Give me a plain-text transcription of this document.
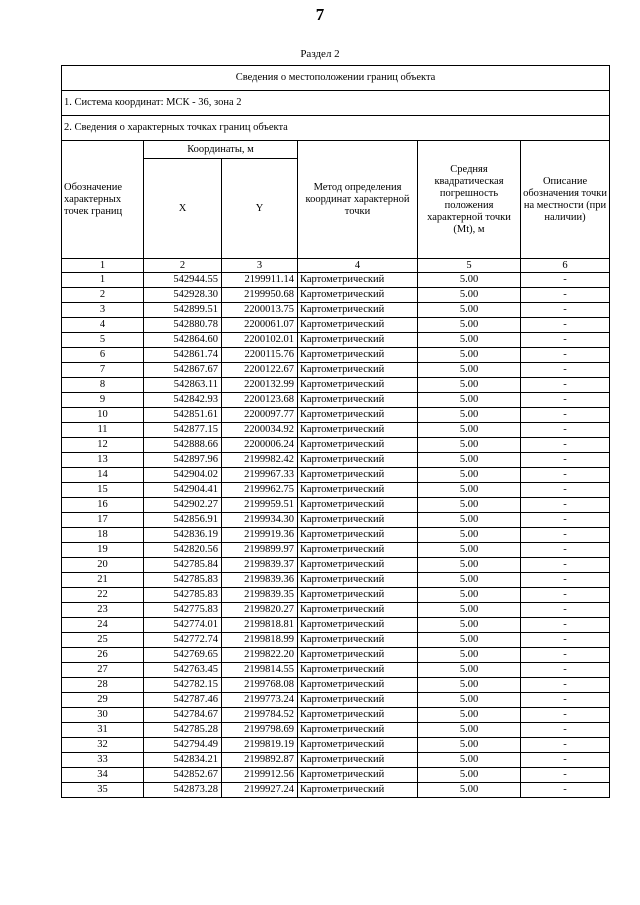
7
Раздел 2
Сведения о местоположении границ объекта					
1. Система координат: МСК - 36, зона 2					
2. Сведения о характерных точках границ объекта					
Обозначение характерных точек границ	Координаты, м		Метод определения координат характерной точки	Средняя квадратическая погрешность положения характерной точки (Mt), м	Описание обозначения точки на местности (при наличии)
	X	Y			
1	2	3	4	5	6
1	542944.55	2199911.14	Картометрический	5.00	-
2	542928.30	2199950.68	Картометрический	5.00	-
3	542899.51	2200013.75	Картометрический	5.00	-
4	542880.78	2200061.07	Картометрический	5.00	-
5	542864.60	2200102.01	Картометрический	5.00	-
6	542861.74	2200115.76	Картометрический	5.00	-
7	542867.67	2200122.67	Картометрический	5.00	-
8	542863.11	2200132.99	Картометрический	5.00	-
9	542842.93	2200123.68	Картометрический	5.00	-
10	542851.61	2200097.77	Картометрический	5.00	-
11	542877.15	2200034.92	Картометрический	5.00	-
12	542888.66	2200006.24	Картометрический	5.00	-
13	542897.96	2199982.42	Картометрический	5.00	-
14	542904.02	2199967.33	Картометрический	5.00	-
15	542904.41	2199962.75	Картометрический	5.00	-
16	542902.27	2199959.51	Картометрический	5.00	-
17	542856.91	2199934.30	Картометрический	5.00	-
18	542836.19	2199919.36	Картометрический	5.00	-
19	542820.56	2199899.97	Картометрический	5.00	-
20	542785.84	2199839.37	Картометрический	5.00	-
21	542785.83	2199839.36	Картометрический	5.00	-
22	542785.83	2199839.35	Картометрический	5.00	-
23	542775.83	2199820.27	Картометрический	5.00	-
24	542774.01	2199818.81	Картометрический	5.00	-
25	542772.74	2199818.99	Картометрический	5.00	-
26	542769.65	2199822.20	Картометрический	5.00	-
27	542763.45	2199814.55	Картометрический	5.00	-
28	542782.15	2199768.08	Картометрический	5.00	-
29	542787.46	2199773.24	Картометрический	5.00	-
30	542784.67	2199784.52	Картометрический	5.00	-
31	542785.28	2199798.69	Картометрический	5.00	-
32	542794.49	2199819.19	Картометрический	5.00	-
33	542834.21	2199892.87	Картометрический	5.00	-
34	542852.67	2199912.56	Картометрический	5.00	-
35	542873.28	2199927.24	Картометрический	5.00	-
